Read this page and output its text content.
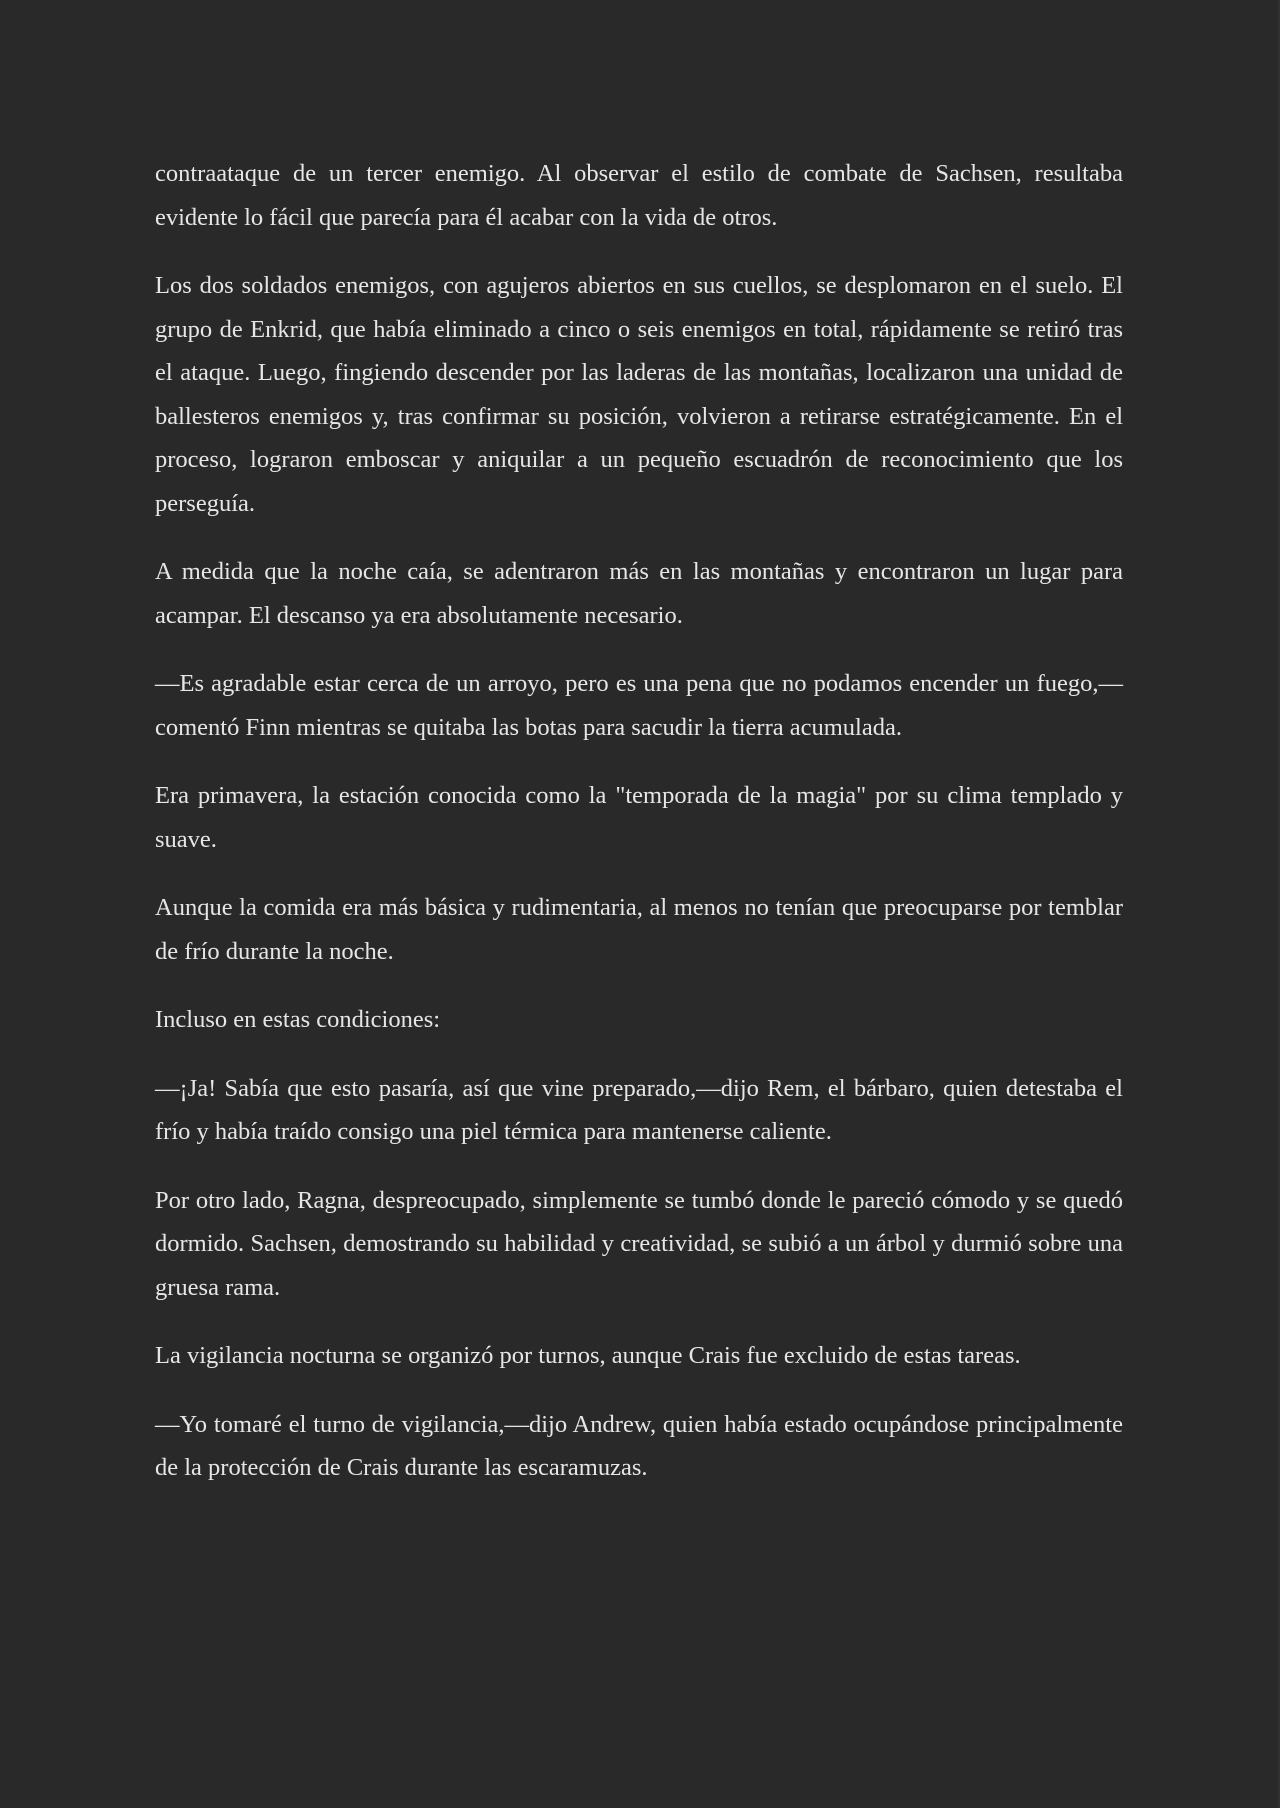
contraataque de un tercer enemigo. Al observar el estilo de combate de Sachsen, resultaba evidente lo fácil que parecía para él acabar con la vida de otros.

Los dos soldados enemigos, con agujeros abiertos en sus cuellos, se desplomaron en el suelo. El grupo de Enkrid, que había eliminado a cinco o seis enemigos en total, rápidamente se retiró tras el ataque. Luego, fingiendo descender por las laderas de las montañas, localizaron una unidad de ballesteros enemigos y, tras confirmar su posición, volvieron a retirarse estratégicamente. En el proceso, lograron emboscar y aniquilar a un pequeño escuadrón de reconocimiento que los perseguía.

A medida que la noche caía, se adentraron más en las montañas y encontraron un lugar para acampar. El descanso ya era absolutamente necesario.

—Es agradable estar cerca de un arroyo, pero es una pena que no podamos encender un fuego,—comentó Finn mientras se quitaba las botas para sacudir la tierra acumulada.

Era primavera, la estación conocida como la "temporada de la magia" por su clima templado y suave.

Aunque la comida era más básica y rudimentaria, al menos no tenían que preocuparse por temblar de frío durante la noche.

Incluso en estas condiciones:

—¡Ja! Sabía que esto pasaría, así que vine preparado,—dijo Rem, el bárbaro, quien detestaba el frío y había traído consigo una piel térmica para mantenerse caliente.

Por otro lado, Ragna, despreocupado, simplemente se tumbó donde le pareció cómodo y se quedó dormido. Sachsen, demostrando su habilidad y creatividad, se subió a un árbol y durmió sobre una gruesa rama.

La vigilancia nocturna se organizó por turnos, aunque Crais fue excluido de estas tareas.

—Yo tomaré el turno de vigilancia,—dijo Andrew, quien había estado ocupándose principalmente de la protección de Crais durante las escaramuzas.
